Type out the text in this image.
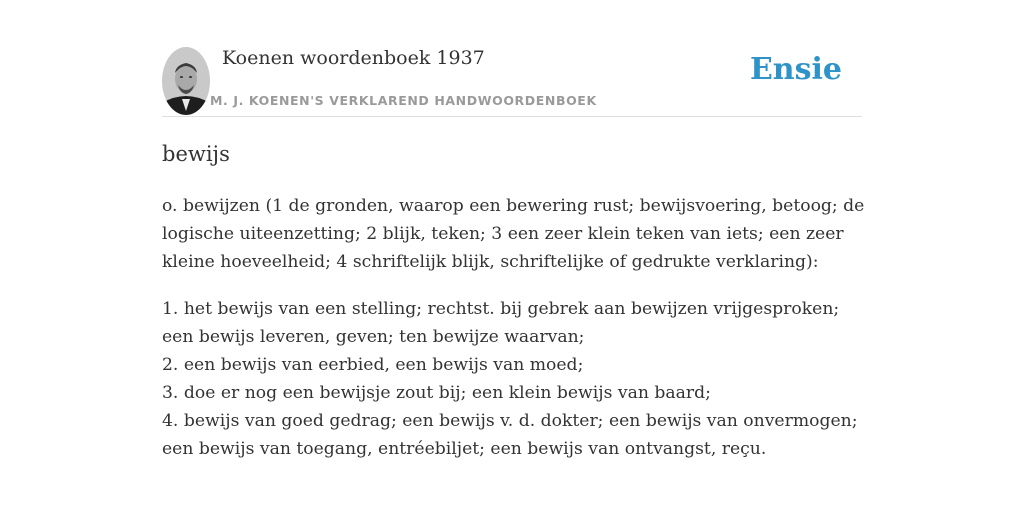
Koenen woordenboek 1937
M. J. KOENEN'S VERKLAREND HANDWOORDENBOEK
Ensie
bewijs

o. bewijzen (1 de gronden, waarop een bewering rust; bewijsvoering, betoog; de logische uiteenzetting; 2 blijk, teken; 3 een zeer klein teken van iets; een zeer kleine hoeveelheid; 4 schriftelijk blijk, schriftelijke of gedrukte verklaring):

1. het bewijs van een stelling; rechtst. bij gebrek aan bewijzen vrijgesproken; een bewijs leveren, geven; ten bewijze waarvan;
2. een bewijs van eerbied, een bewijs van moed;
3. doe er nog een bewijsje zout bij; een klein bewijs van baard;
4. bewijs van goed gedrag; een bewijs v. d. dokter; een bewijs van onvermogen; een bewijs van toegang, entréebiljet; een bewijs van ontvangst, reçu.
